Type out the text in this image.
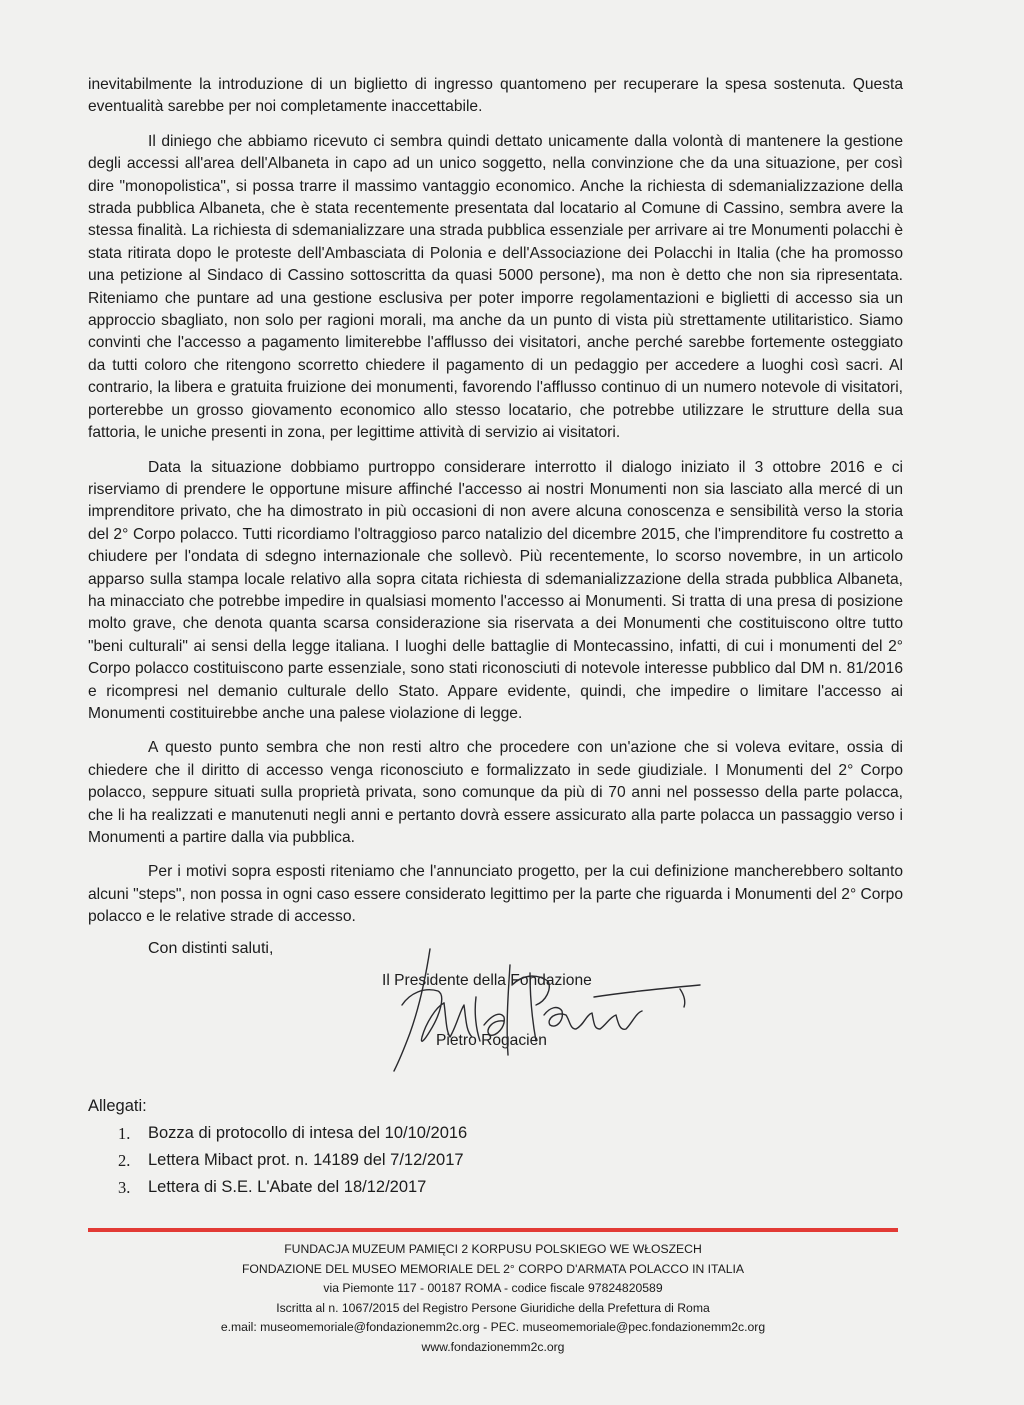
inevitabilmente la introduzione di un biglietto di ingresso quantomeno per recuperare la spesa sostenuta. Questa eventualità sarebbe per noi completamente inaccettabile.

Il diniego che abbiamo ricevuto ci sembra quindi dettato unicamente dalla volontà di mantenere la gestione degli accessi all'area dell'Albaneta in capo ad un unico soggetto, nella convinzione che da una situazione, per così dire "monopolistica", si possa trarre il massimo vantaggio economico. Anche la richiesta di sdemanializzazione della strada pubblica Albaneta, che è stata recentemente presentata dal locatario al Comune di Cassino, sembra avere la stessa finalità. La richiesta di sdemanializzare una strada pubblica essenziale per arrivare ai tre Monumenti polacchi è stata ritirata dopo le proteste dell'Ambasciata di Polonia e dell'Associazione dei Polacchi in Italia (che ha promosso una petizione al Sindaco di Cassino sottoscritta da quasi 5000 persone), ma non è detto che non sia ripresentata. Riteniamo che puntare ad una gestione esclusiva per poter imporre regolamentazioni e biglietti di accesso sia un approccio sbagliato, non solo per ragioni morali, ma anche da un punto di vista più strettamente utilitaristico. Siamo convinti che l'accesso a pagamento limiterebbe l'afflusso dei visitatori, anche perché sarebbe fortemente osteggiato da tutti coloro che ritengono scorretto chiedere il pagamento di un pedaggio per accedere a luoghi così sacri. Al contrario, la libera e gratuita fruizione dei monumenti, favorendo l'afflusso continuo di un numero notevole di visitatori, porterebbe un grosso giovamento economico allo stesso locatario, che potrebbe utilizzare le strutture della sua fattoria, le uniche presenti in zona, per legittime attività di servizio ai visitatori.

Data la situazione dobbiamo purtroppo considerare interrotto il dialogo iniziato il 3 ottobre 2016 e ci riserviamo di prendere le opportune misure affinché l'accesso ai nostri Monumenti non sia lasciato alla mercé di un imprenditore privato, che ha dimostrato in più occasioni di non avere alcuna conoscenza e sensibilità verso la storia del 2° Corpo polacco. Tutti ricordiamo l'oltraggioso parco natalizio del dicembre 2015, che l'imprenditore fu costretto a chiudere per l'ondata di sdegno internazionale che sollevò. Più recentemente, lo scorso novembre, in un articolo apparso sulla stampa locale relativo alla sopra citata richiesta di sdemanializzazione della strada pubblica Albaneta, ha minacciato che potrebbe impedire in qualsiasi momento l'accesso ai Monumenti. Si tratta di una presa di posizione molto grave, che denota quanta scarsa considerazione sia riservata a dei Monumenti che costituiscono oltre tutto "beni culturali" ai sensi della legge italiana. I luoghi delle battaglie di Montecassino, infatti, di cui i monumenti del 2° Corpo polacco costituiscono parte essenziale, sono stati riconosciuti di notevole interesse pubblico dal DM n. 81/2016 e ricompresi nel demanio culturale dello Stato. Appare evidente, quindi, che impedire o limitare l'accesso ai Monumenti costituirebbe anche una palese violazione di legge.

A questo punto sembra che non resti altro che procedere con un'azione che si voleva evitare, ossia di chiedere che il diritto di accesso venga riconosciuto e formalizzato in sede giudiziale. I Monumenti del 2° Corpo polacco, seppure situati sulla proprietà privata, sono comunque da più di 70 anni nel possesso della parte polacca, che li ha realizzati e manutenuti negli anni e pertanto dovrà essere assicurato alla parte polacca un passaggio verso i Monumenti a partire dalla via pubblica.

Per i motivi sopra esposti riteniamo che l'annunciato progetto, per la cui definizione mancherebbero soltanto alcuni "steps", non possa in ogni caso essere considerato legittimo per la parte che riguarda i Monumenti del 2° Corpo polacco e le relative strade di accesso.

Con distinti saluti,
Il Presidente della Fondazione
Pietro Rogacien
Allegati:
1.	Bozza di protocollo di intesa del 10/10/2016
2.	Lettera Mibact prot. n. 14189 del 7/12/2017
3.	Lettera di S.E. L'Abate del 18/12/2017
FUNDACJA MUZEUM PAMIĘCI 2 KORPUSU POLSKIEGO WE WŁOSZECH
FONDAZIONE DEL MUSEO MEMORIALE DEL 2° CORPO D'ARMATA POLACCO IN ITALIA
via Piemonte 117 - 00187 ROMA - codice fiscale 97824820589
Iscritta al n. 1067/2015 del Registro Persone Giuridiche della Prefettura di Roma
e.mail: museomemoriale@fondazionemm2c.org - PEC. museomemoriale@pec.fondazionemm2c.org
www.fondazionemm2c.org
